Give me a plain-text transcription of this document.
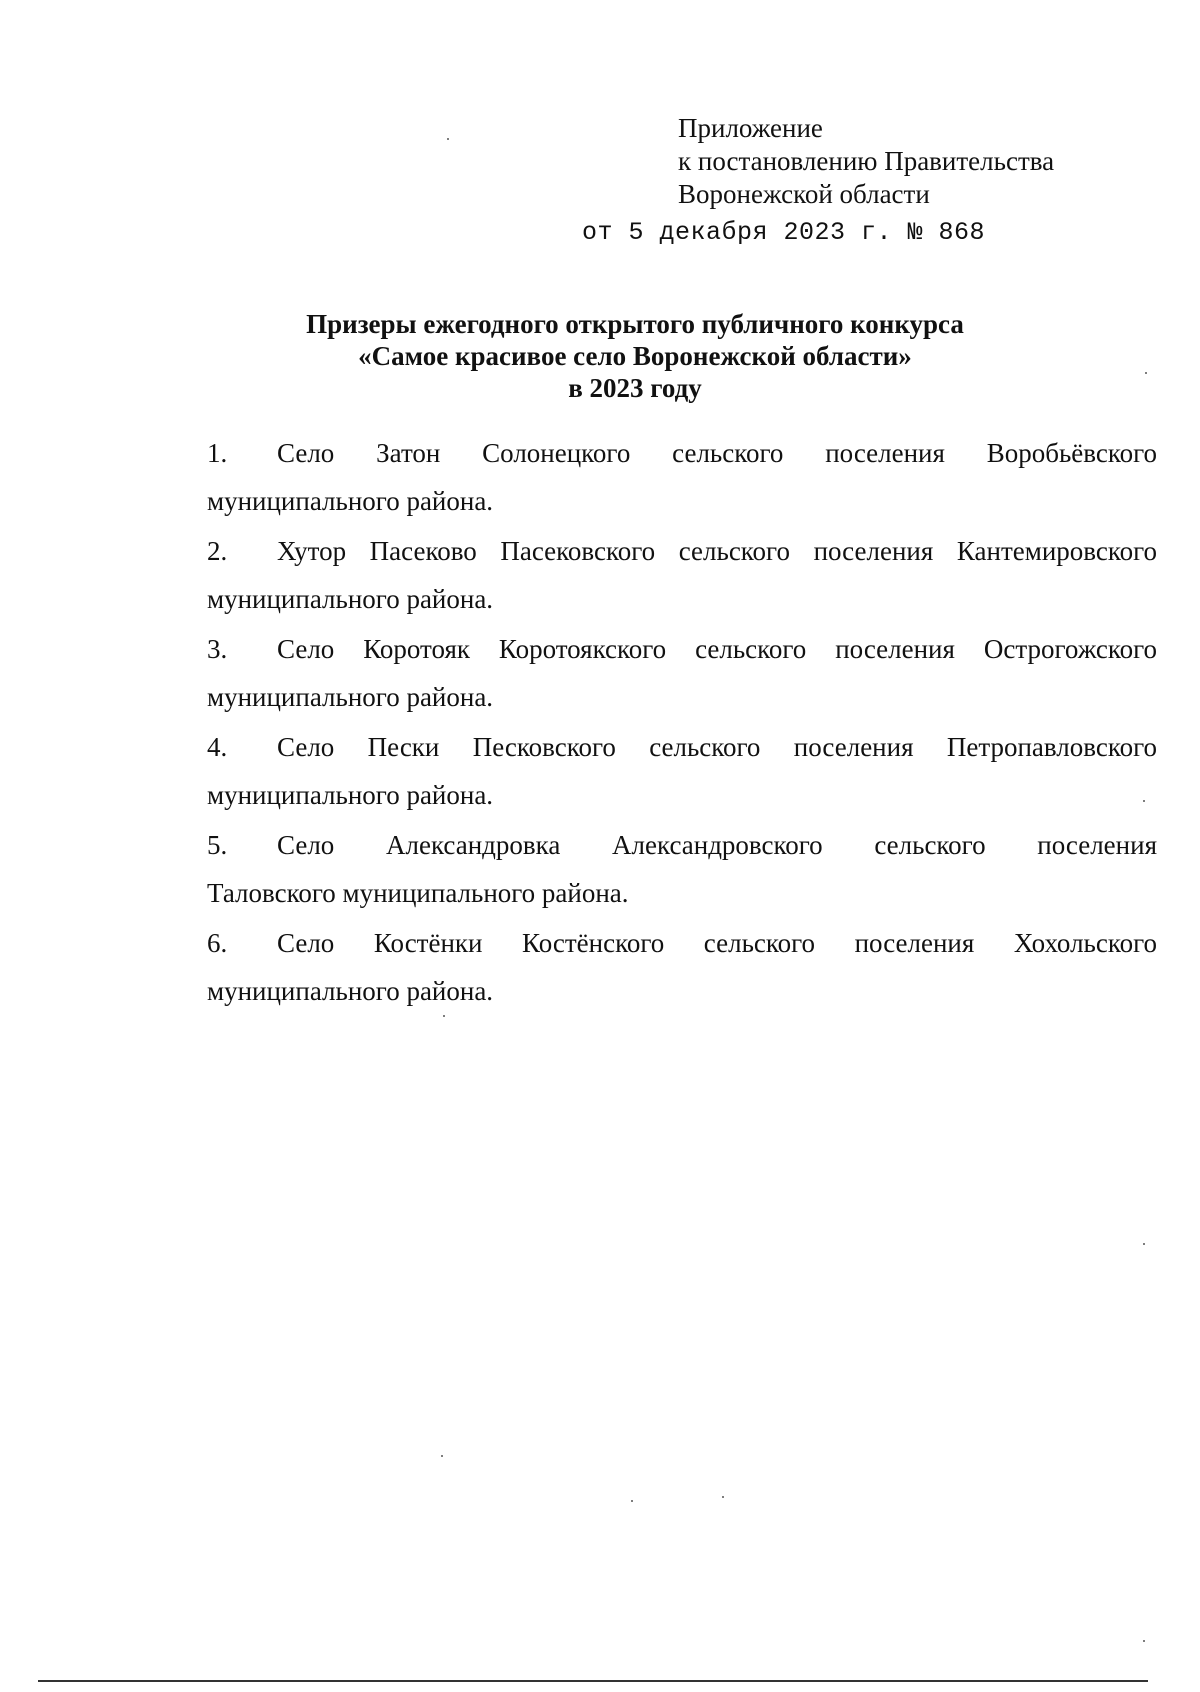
Приложение
к постановлению Правительства
Воронежской области
от 5 декабря 2023 г. № 868
Призеры ежегодного открытого публичного конкурса
«Самое красивое село Воронежской области»
в 2023 году
1. Село Затон Солонецкого сельского поселения Воробьёвского
муниципального района.
2. Хутор Пасеково Пасековского сельского поселения Кантемировского
муниципального района.
3. Село Коротояк Коротоякского сельского поселения Острогожского
муниципального района.
4. Село Пески Песковского сельского поселения Петропавловского
муниципального района.
5. Село Александровка Александровского сельского поселения
Таловского муниципального района.
6. Село Костёнки Костёнского сельского поселения Хохольского
муниципального района.
